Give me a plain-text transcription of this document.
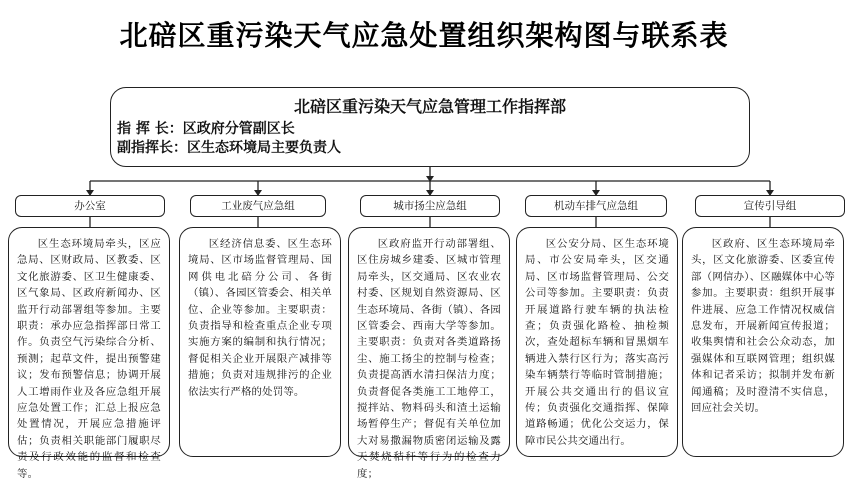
北碚区重污染天气应急处置组织架构图与联系表
北碚区重污染天气应急管理工作指挥部
指 挥 长：区政府分管副区长
副指挥长：区生态环境局主要负责人
办公室	工业废气应急组	城市扬尘应急组	机动车排气应急组	宣传引导组

区生态环境局牵头，区应急局、区财政局、区教委、区文化旅游委、区卫生健康委、区气象局、区政府新闻办、区监开行动部署组等参加。主要职责：承办应急指挥部日常工作。负责空气污染综合分析、预测；起草文件，提出预警建议；发布预警信息；协调开展人工增雨作业及各应急组开展应急处置工作；汇总上报应急处置情况，开展应急措施评估；负责相关职能部门履职尽责及行政效能的监督和检查等。

区经济信息委、区生态环境局、区市场监督管理局、国网供电北碚分公司、各街（镇）、各园区管委会、相关单位、企业等参加。主要职责：负责指导和检查重点企业专项实施方案的编制和执行情况；督促相关企业开展限产减排等措施；负责对违规排污的企业依法实行严格的处罚等。

区政府监开行动部署组、区住房城乡建委、区城市管理局牵头，区交通局、区农业农村委、区规划自然资源局、区生态环境局、各街（镇）、各园区管委会、西南大学等参加。主要职责：负责对各类道路扬尘、施工扬尘的控制与检查；负责提高洒水清扫保洁力度；负责督促各类施工工地停工，搅拌站、物料码头和渣土运输场暂停生产；督促有关单位加大对易撒漏物质密闭运输及露天焚烧秸秆等行为的检查力度；

区公安分局、区生态环境局、市公安局牵头，区交通局、区市场监督管理局、公交公司等参加。主要职责：负责开展道路行驶车辆的执法检查；负责强化路检、抽检频次，查处超标车辆和冒黑烟车辆进入禁行区行为；落实高污染车辆禁行等临时管制措施；开展公共交通出行的倡议宣传；负责强化交通指挥、保障道路畅通；优化公交运力，保障市民公共交通出行。

区政府、区生态环境局牵头，区文化旅游委、区委宣传部（网信办）、区融媒体中心等参加。主要职责：组织开展事件进展、应急工作情况权威信息发布，开展新闻宣传报道；收集舆情和社会公众动态，加强媒体和互联网管理；组织媒体和记者采访；拟制并发布新闻通稿；及时澄清不实信息，回应社会关切。
